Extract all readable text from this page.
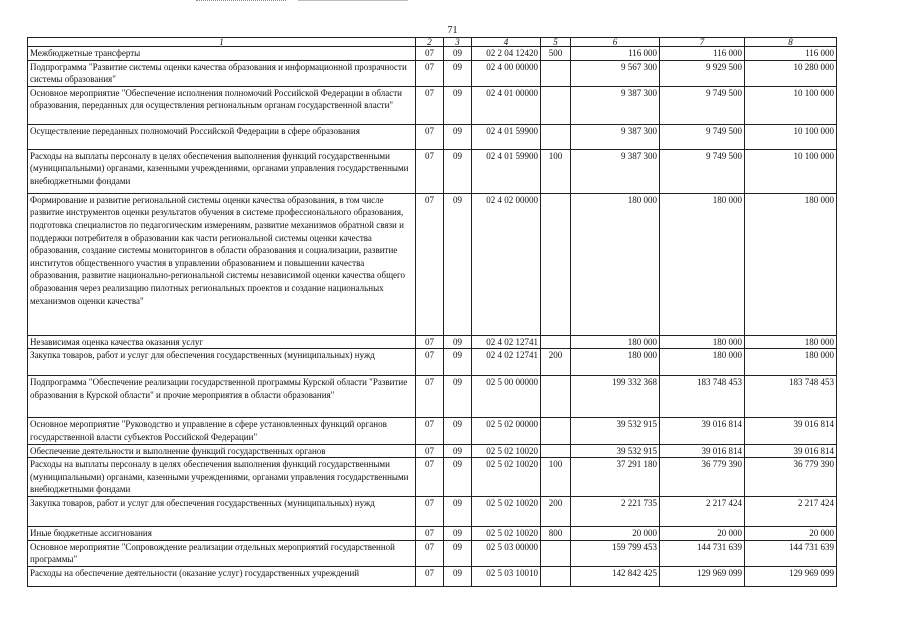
71
1	2	3	4	5	6	7	8
Межбюджетные трансферты	07	09	02 2 04 12420	500	116 000	116 000	116 000
Подпрограмма "Развитие системы оценки качества образования и информационной прозрачности системы образования"	07	09	02 4 00 00000		9 567 300	9 929 500	10 280 000
Основное мероприятие "Обеспечение исполнения полномочий Российской Федерации в области образования, переданных для осуществления региональным органам государственной власти"	07	09	02 4 01 00000		9 387 300	9 749 500	10 100 000
Осуществление переданных полномочий Российской Федерации в сфере образования	07	09	02 4 01 59900		9 387 300	9 749 500	10 100 000
Расходы на выплаты персоналу в целях обеспечения выполнения функций государственными (муниципальными) органами, казенными учреждениями, органами управления государственными внебюджетными фондами	07	09	02 4 01 59900	100	9 387 300	9 749 500	10 100 000
Формирование и развитие региональной системы оценки качества образования, в том числе развитие инструментов оценки результатов обучения в системе профессионального образования, подготовка специалистов по педагогическим измерениям, развитие механизмов обратной связи и поддержки потребителя в образовании как части региональной системы оценки качества образования, создание системы мониторингов в области образования и социализации, развитие институтов общественного участия в управлении образованием и повышении качества образования, развитие национально-региональной системы независимой оценки качества общего образования через реализацию пилотных региональных проектов и создание национальных механизмов оценки качества"	07	09	02 4 02 00000		180 000	180 000	180 000
Независимая оценка качества оказания услуг	07	09	02 4 02 12741		180 000	180 000	180 000
Закупка товаров, работ и услуг для обеспечения государственных (муниципальных) нужд	07	09	02 4 02 12741	200	180 000	180 000	180 000
Подпрограмма "Обеспечение реализации государственной программы Курской области "Развитие образования в Курской области" и прочие мероприятия в области образования"	07	09	02 5 00 00000		199 332 368	183 748 453	183 748 453
Основное мероприятие "Руководство и управление в сфере установленных функций органов государственной власти субъектов Российской Федерации"	07	09	02 5 02 00000		39 532 915	39 016 814	39 016 814
Обеспечение деятельности и выполнение функций государственных органов	07	09	02 5 02 10020		39 532 915	39 016 814	39 016 814
Расходы на выплаты персоналу в целях обеспечения выполнения функций государственными (муниципальными) органами, казенными учреждениями, органами управления государственными внебюджетными фондами	07	09	02 5 02 10020	100	37 291 180	36 779 390	36 779 390
Закупка товаров, работ и услуг для обеспечения государственных (муниципальных) нужд	07	09	02 5 02 10020	200	2 221 735	2 217 424	2 217 424
Иные бюджетные ассигнования	07	09	02 5 02 10020	800	20 000	20 000	20 000
Основное мероприятие "Сопровождение реализации отдельных мероприятий государственной программы"	07	09	02 5 03 00000		159 799 453	144 731 639	144 731 639
Расходы на обеспечение деятельности (оказание услуг) государственных учреждений	07	09	02 5 03 10010		142 842 425	129 969 099	129 969 099
